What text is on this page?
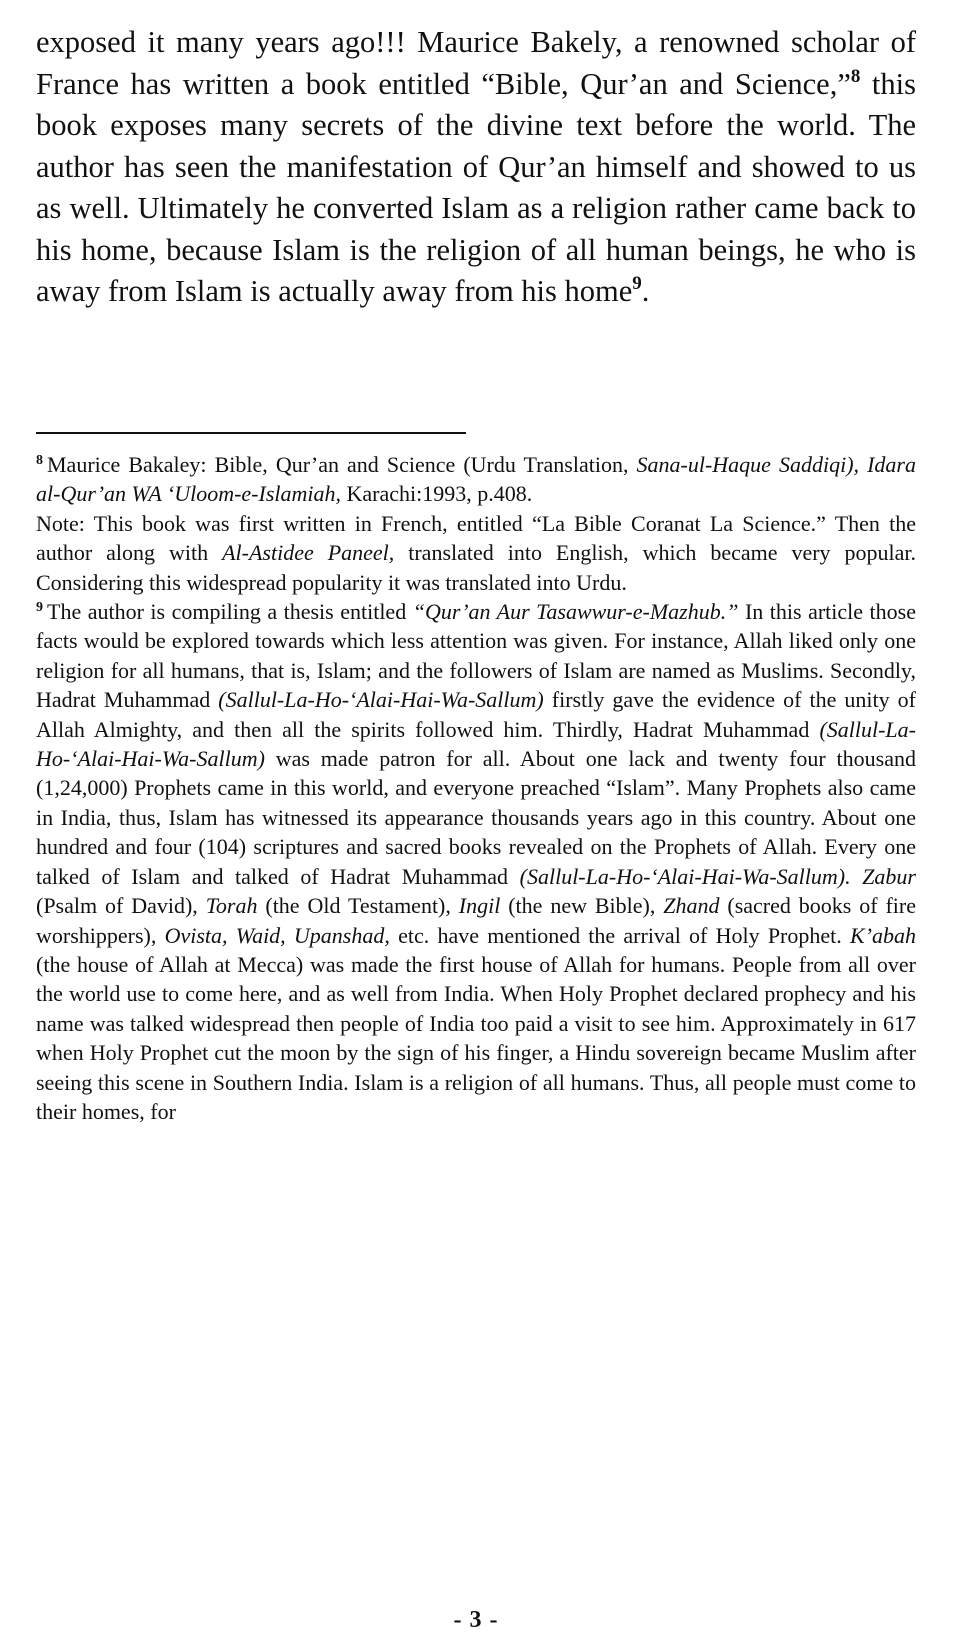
exposed it many years ago!!! Maurice Bakely, a renowned scholar of France has written a book entitled “Bible, Qur’an and Science,”$^8$ this book exposes many secrets of the divine text before the world. The author has seen the manifestation of Qur’an himself and showed to us as well. Ultimately he converted Islam as a religion rather came back to his home, because Islam is the religion of all human beings, he who is away from Islam is actually away from his home$^9$.

$^8$ Maurice Bakaley: Bible, Qur’an and Science (Urdu Translation, Sana-ul-Haque Saddiqi), Idara al-Qur’an WA ‘Uloom-e-Islamiah, Karachi:1993, p.408.

Note: This book was first written in French, entitled “La Bible Coranat La Science.” Then the author along with Al-Astidee Paneel, translated into English, which became very popular. Considering this widespread popularity it was translated into Urdu.

$^9$ The author is compiling a thesis entitled “Qur’an Aur Tasawwur-e-Mazhub.” In this article those facts would be explored towards which less attention was given. For instance, Allah liked only one religion for all humans, that is, Islam; and the followers of Islam are named as Muslims. Secondly, Hadrat Muhammad (Sallul-La-Ho-‘Alai-Hai-Wa-Sallum) firstly gave the evidence of the unity of Allah Almighty, and then all the spirits followed him. Thirdly, Hadrat Muhammad (Sallul-La-Ho-‘Alai-Hai-Wa-Sallum) was made patron for all. About one lack and twenty four thousand (1,24,000) Prophets came in this world, and everyone preached “Islam”. Many Prophets also came in India, thus, Islam has witnessed its appearance thousands years ago in this country. About one hundred and four (104) scriptures and sacred books revealed on the Prophets of Allah. Every one talked of Islam and talked of Hadrat Muhammad (Sallul-La-Ho-‘Alai-Hai-Wa-Sallum). Zabur (Psalm of David), Torah (the Old Testament), Ingil (the new Bible), Zhand (sacred books of fire worshippers), Ovista, Waid, Upanshad, etc. have mentioned the arrival of Holy Prophet. K’abah (the house of Allah at Mecca) was made the first house of Allah for humans. People from all over the world use to come here, and as well from India. When Holy Prophet declared prophecy and his name was talked widespread then people of India too paid a visit to see him. Approximately in 617 when Holy Prophet cut the moon by the sign of his finger, a Hindu sovereign became Muslim after seeing this scene in Southern India. Islam is a religion of all humans. Thus, all people must come to their homes, for

- 3 -
